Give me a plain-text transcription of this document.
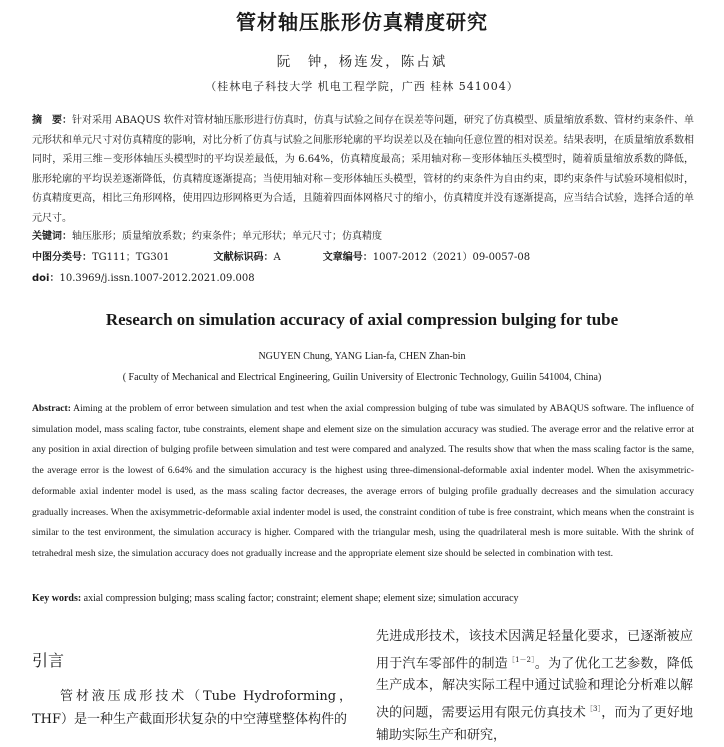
管材轴压胀形仿真精度研究
阮　钟，杨连发，陈占斌
（桂林电子科技大学 机电工程学院，广西 桂林 541004）
摘　要：针对采用 ABAQUS 软件对管材轴压胀形进行仿真时，仿真与试验之间存在误差等问题，研究了仿真模型、质量缩放系数、管材约束条件、单元形状和单元尺寸对仿真精度的影响，对比分析了仿真与试验之间胀形轮廓的平均误差以及在轴向任意位置的相对误差。结果表明，在质量缩放系数相同时，采用三维－变形体轴压头模型时的平均误差最低，为 6.64%，仿真精度最高；采用轴对称－变形体轴压头模型时，随着质量缩放系数的降低，胀形轮廓的平均误差逐渐降低，仿真精度逐渐提高；当使用轴对称－变形体轴压头模型，管材的约束条件为自由约束，即约束条件与试验环境相似时，仿真精度更高，相比三角形网格，使用四边形网格更为合适，且随着四面体网格尺寸的缩小，仿真精度并没有逐渐提高，应当结合试验，选择合适的单元尺寸。
关键词：轴压胀形；质量缩放系数；约束条件；单元形状；单元尺寸；仿真精度
中图分类号：TG111；TG301	文献标识码：A	文章编号：1007-2012（2021）09-0057-08
doi：10.3969/j.issn.1007-2012.2021.09.008
Research on simulation accuracy of axial compression bulging for tube
NGUYEN Chung, YANG Lian-fa, CHEN Zhan-bin
( Faculty of Mechanical and Electrical Engineering, Guilin University of Electronic Technology, Guilin 541004, China)
Abstract: Aiming at the problem of error between simulation and test when the axial compression bulging of tube was simulated by ABAQUS software. The influence of simulation model, mass scaling factor, tube constraints, element shape and element size on the simulation accuracy was studied. The average error and the relative error at any position in axial direction of bulging profile between simulation and test were compared and analyzed. The results show that when the mass scaling factor is the same, the average error is the lowest of 6.64% and the simulation accuracy is the highest using three-dimensional-deformable axial indenter model. When the axisymmetric-deformable axial indenter model is used, as the mass scaling factor decreases, the average errors of bulging profile gradually decreases and the simulation accuracy gradually increases. When the axisymmetric-deformable axial indenter model is used, the constraint condition of tube is free constraint, which means when the constraint is similar to the test environment, the simulation accuracy is higher. Compared with the triangular mesh, using the quadrilateral mesh is more suitable. With the shrink of tetrahedral mesh size, the simulation accuracy does not gradually increase and the appropriate element size should be selected in combination with test.
Key words: axial compression bulging; mass scaling factor; constraint; element shape; element size; simulation accuracy
引言
管材液压成形技术（Tube Hydroforming，THF）是一种生产截面形状复杂的中空薄壁整体构件的
先进成形技术，该技术因满足轻量化要求，已逐渐被应用于汽车零部件的制造$^{[1-2]}$。为了优化工艺参数，降低生产成本，解决实际工程中通过试验和理论分析难以解决的问题，需要运用有限元仿真技术$^{[3]}$，而为了更好地辅助实际生产和研究，
